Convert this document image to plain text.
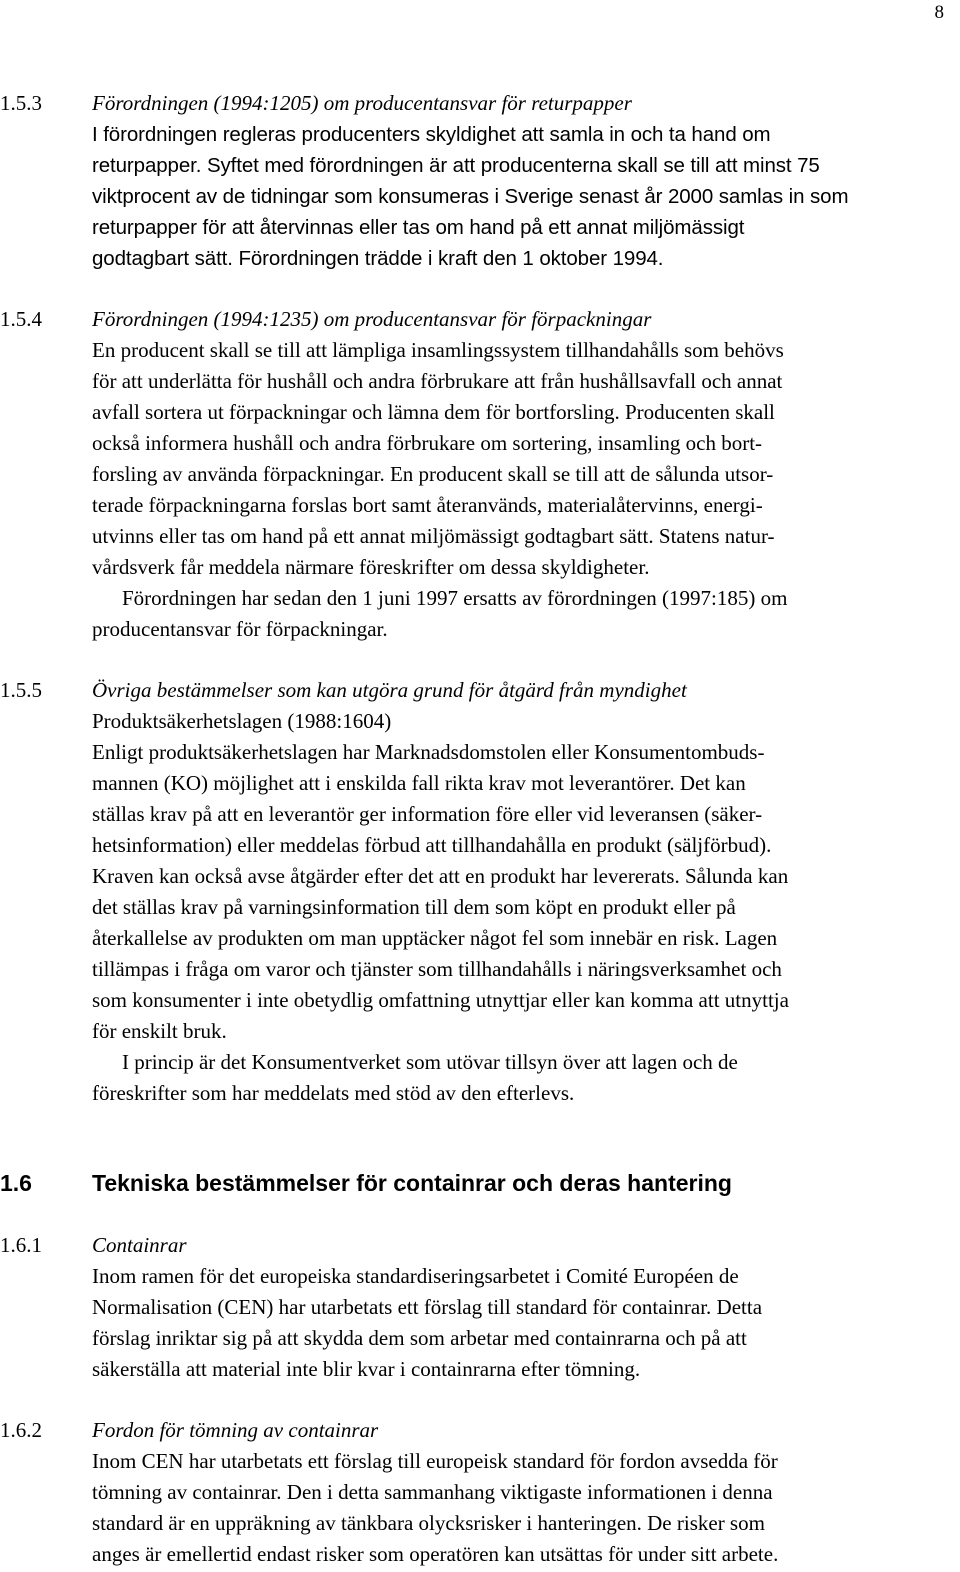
8
1.5.3 Förordningen (1994:1205) om producentansvar för returpapper

I förordningen regleras producenters skyldighet att samla in och ta hand om

returpapper. Syftet med förordningen är att producenterna skall se till att minst 75

viktprocent av de tidningar som konsumeras i Sverige senast år 2000 samlas in som

returpapper för att återvinnas eller tas om hand på ett annat miljömässigt

godtagbart sätt. Förordningen trädde i kraft den 1 oktober 1994.

1.5.4 Förordningen (1994:1235) om producentansvar för förpackningar

En producent skall se till att lämpliga insamlingssystem tillhandahålls som behövs

för att underlätta för hushåll och andra förbrukare att från hushållsavfall och annat

avfall sortera ut förpackningar och lämna dem för bortforsling. Producenten skall

också informera hushåll och andra förbrukare om sortering, insamling och bort-

forsling av använda förpackningar. En producent skall se till att de sålunda utsor-

terade förpackningarna forslas bort samt återanvänds, materialåtervinns, energi-

utvinns eller tas om hand på ett annat miljömässigt godtagbart sätt. Statens natur-

vårdsverk får meddela närmare föreskrifter om dessa skyldigheter.

Förordningen har sedan den 1 juni 1997 ersatts av förordningen (1997:185) om

producentansvar för förpackningar.

1.5.5 Övriga bestämmelser som kan utgöra grund för åtgärd från myndighet

Produktsäkerhetslagen (1988:1604)

Enligt produktsäkerhetslagen har Marknadsdomstolen eller Konsumentombuds-

mannen (KO) möjlighet att i enskilda fall rikta krav mot leverantörer. Det kan

ställas krav på att en leverantör ger information före eller vid leveransen (säker-

hetsinformation) eller meddelas förbud att tillhandahålla en produkt (säljförbud).

Kraven kan också avse åtgärder efter det att en produkt har levererats. Sålunda kan

det ställas krav på varningsinformation till dem som köpt en produkt eller på

återkallelse av produkten om man upptäcker något fel som innebär en risk. Lagen

tillämpas i fråga om varor och tjänster som tillhandahålls i näringsverksamhet och

som konsumenter i inte obetydlig omfattning utnyttjar eller kan komma att utnyttja

för enskilt bruk.

I princip är det Konsumentverket som utövar tillsyn över att lagen och de

föreskrifter som har meddelats med stöd av den efterlevs.

1.6	Tekniska bestämmelser för containrar och deras hantering
1.6.1 Containrar

Inom ramen för det europeiska standardiseringsarbetet i Comité Européen de

Normalisation (CEN) har utarbetats ett förslag till standard för containrar. Detta

förslag inriktar sig på att skydda dem som arbetar med containrarna och på att

säkerställa att material inte blir kvar i containrarna efter tömning.

1.6.2 Fordon för tömning av containrar

Inom CEN har utarbetats ett förslag till europeisk standard för fordon avsedda för

tömning av containrar. Den i detta sammanhang viktigaste informationen i denna

standard är en uppräkning av tänkbara olycksrisker i hanteringen. De risker som

anges är emellertid endast risker som operatören kan utsättas för under sitt arbete.
